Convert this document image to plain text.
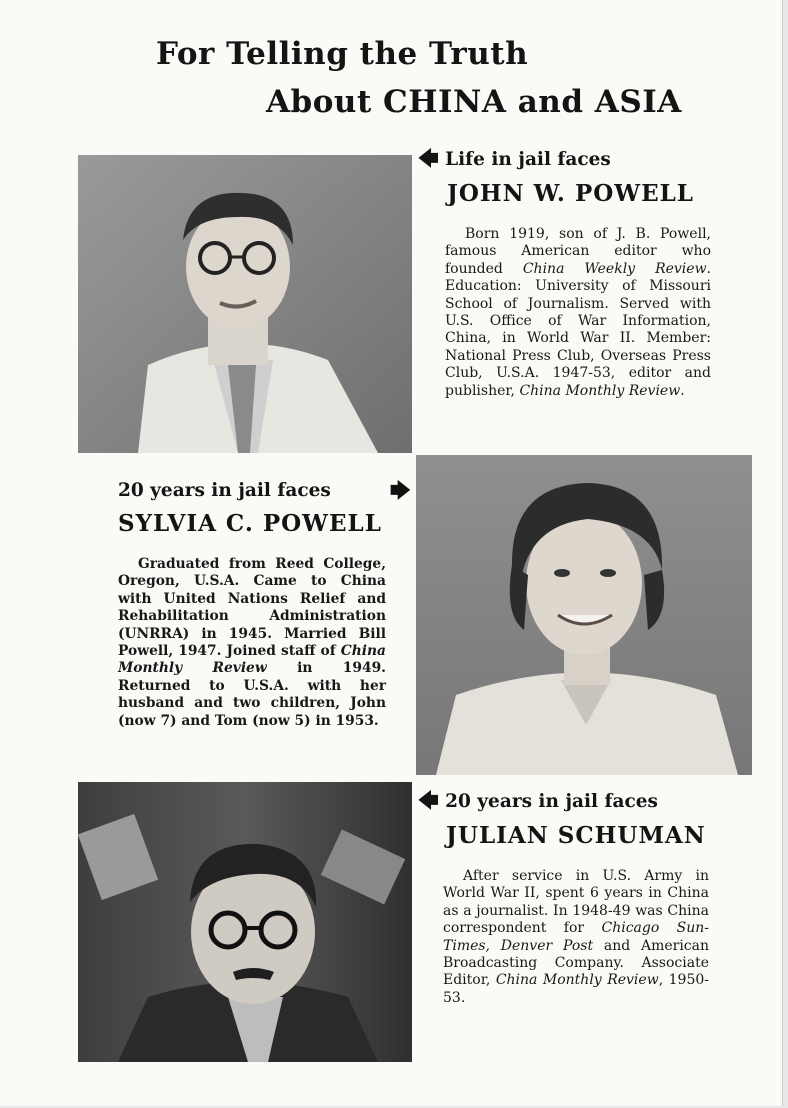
For Telling the Truth
About CHINA and ASIA
🡄 Life in jail faces
JOHN W. POWELL

Born 1919, son of J. B. Powell, famous American editor who founded China Weekly Review. Education: University of Missouri School of Journalism. Served with U.S. Office of War Information, China, in World War II. Member: National Press Club, Overseas Press Club, U.S.A. 1947-53, editor and publisher, China Monthly Review.

20 years in jail faces	🡆
SYLVIA C. POWELL

Graduated from Reed College, Oregon, U.S.A. Came to China with United Nations Relief and Rehabilitation Administration (UNRRA) in 1945. Married Bill Powell, 1947. Joined staff of China Monthly Review in 1949. Returned to U.S.A. with her husband and two children, John (now 7) and Tom (now 5) in 1953.

🡄 20 years in jail faces
JULIAN SCHUMAN

After service in U.S. Army in World War II, spent 6 years in China as a journalist. In 1948-49 was China correspondent for Chicago Sun-Times, Denver Post and American Broadcasting Company. Associate Editor, China Monthly Review, 1950-53.
